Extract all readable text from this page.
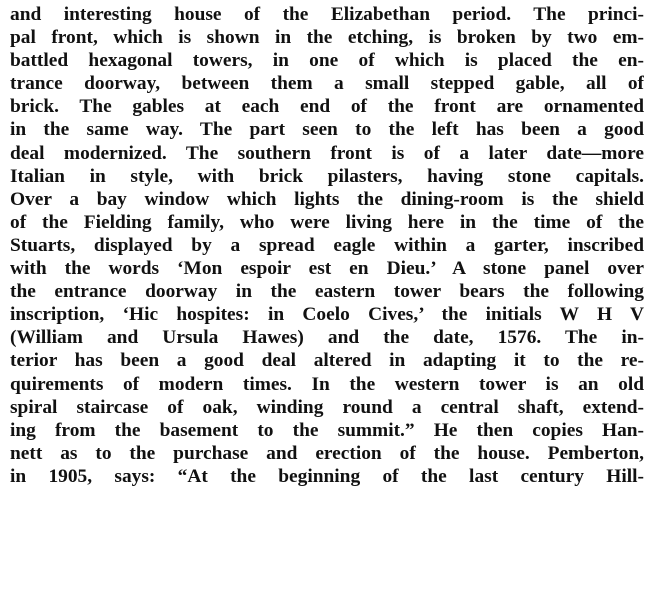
and interesting house of the Elizabethan period. The princi-
pal front, which is shown in the etching, is broken by two em-
battled hexagonal towers, in one of which is placed the en-
trance doorway, between them a small stepped gable, all of
brick. The gables at each end of the front are ornamented
in the same way. The part seen to the left has been a good
deal modernized. The southern front is of a later date—more
Italian in style, with brick pilasters, having stone capitals.
Over a bay window which lights the dining-room is the shield
of the Fielding family, who were living here in the time of the
Stuarts, displayed by a spread eagle within a garter, inscribed
with the words ‘Mon espoir est en Dieu.’ A stone panel over
the entrance doorway in the eastern tower bears the following
inscription, ‘Hic hospites: in Coelo Cives,’ the initials W H V
(William and Ursula Hawes) and the date, 1576. The in-
terior has been a good deal altered in adapting it to the re-
quirements of modern times. In the western tower is an old
spiral staircase of oak, winding round a central shaft, extend-
ing from the basement to the summit.” He then copies Han-
nett as to the purchase and erection of the house. Pemberton,
in 1905, says: “At the beginning of the last century Hill-
